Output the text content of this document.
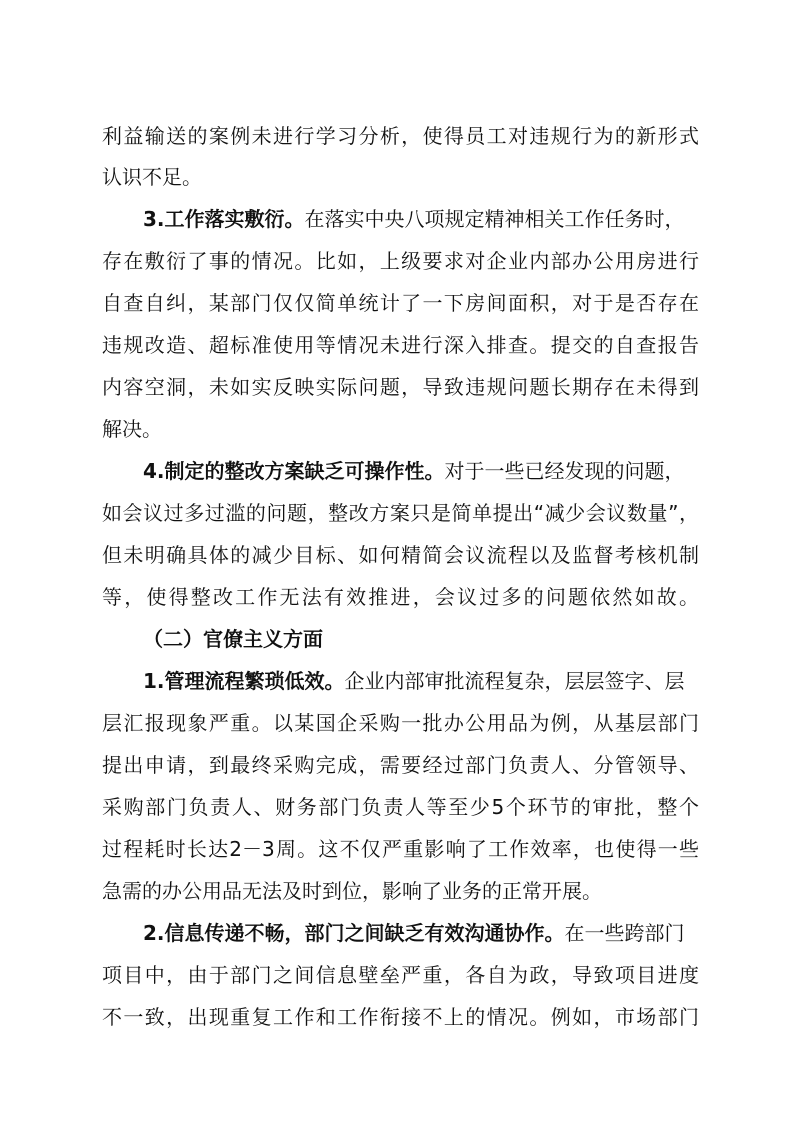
利益输送的案例未进行学习分析，使得员工对违规行为的新形式
认识不足。
3.工作落实敷衍。在落实中央八项规定精神相关工作任务时，
存在敷衍了事的情况。比如，上级要求对企业内部办公用房进行
自查自纠，某部门仅仅简单统计了一下房间面积，对于是否存在
违规改造、超标准使用等情况未进行深入排查。提交的自查报告
内容空洞，未如实反映实际问题，导致违规问题长期存在未得到
解决。
4.制定的整改方案缺乏可操作性。对于一些已经发现的问题，
如会议过多过滥的问题，整改方案只是简单提出“减少会议数量”，
但未明确具体的减少目标、如何精简会议流程以及监督考核机制
等，使得整改工作无法有效推进，会议过多的问题依然如故。
（二）官僚主义方面
1.管理流程繁琐低效。企业内部审批流程复杂，层层签字、层
层汇报现象严重。以某国企采购一批办公用品为例，从基层部门
提出申请，到最终采购完成，需要经过部门负责人、分管领导、
采购部门负责人、财务部门负责人等至少5个环节的审批，整个
过程耗时长达2－3周。这不仅严重影响了工作效率，也使得一些
急需的办公用品无法及时到位，影响了业务的正常开展。
2.信息传递不畅，部门之间缺乏有效沟通协作。在一些跨部门
项目中，由于部门之间信息壁垒严重，各自为政，导致项目进度
不一致，出现重复工作和工作衔接不上的情况。例如，市场部门
